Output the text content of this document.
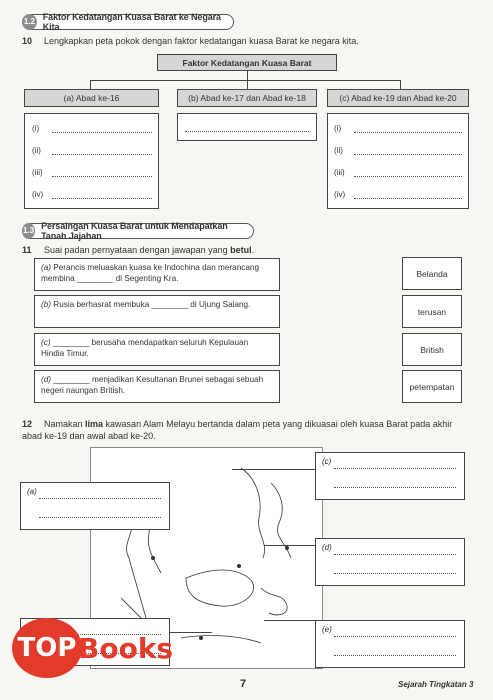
1.2 Faktor Kedatangan Kuasa Barat ke Negara Kita
10 Lengkapkan peta pokok dengan faktor kedatangan kuasa Barat ke negara kita.
Faktor Kedatangan Kuasa Barat
(a) Abad ke-16	(b) Abad ke-17 dan Abad ke-18	(c) Abad ke-19 dan Abad ke-20
(i)
(ii)
(iii)
(iv)
(i)
(ii)
(iii)
(iv)
1.3 Persaingan Kuasa Barat untuk Mendapatkan Tanah Jajahan
11 Suai padan pernyataan dengan jawapan yang betul.
(a) Perancis meluaskan kuasa ke Indochina dan merancang membina ________ di Segenting Kra.
(b) Rusia berhasrat membuka ________ di Ujung Salang.
(c) ________ berusaha mendapatkan seluruh Kepulauan Hindia Timur.
(d) ________ menjadikan Kesultanan Brunei sebagai sebuah negeri naungan British.
Belanda
terusan
British
petempatan
12 Namakan lima kawasan Alam Melayu bertanda dalam peta yang dikuasai oleh kuasa Barat pada akhir abad ke-19 dan awal abad ke-20.
(a)
(c)
(d)
(e)
TOP Books
7	Sejarah Tingkatan 3
